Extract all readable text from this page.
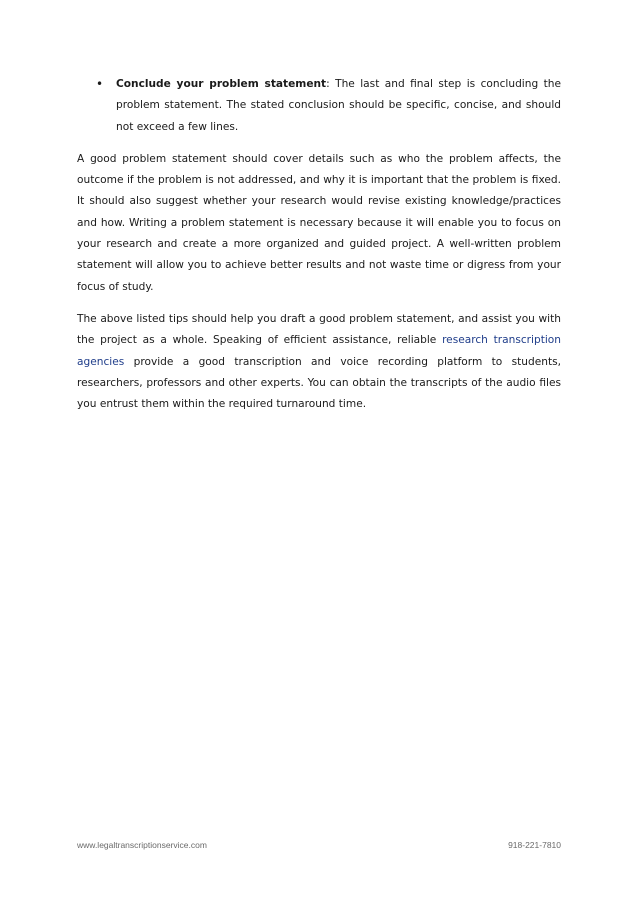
• Conclude your problem statement: The last and final step is concluding the problem statement. The stated conclusion should be specific, concise, and should not exceed a few lines.

A good problem statement should cover details such as who the problem affects, the outcome if the problem is not addressed, and why it is important that the problem is fixed. It should also suggest whether your research would revise existing knowledge/practices and how. Writing a problem statement is necessary because it will enable you to focus on your research and create a more organized and guided project. A well-written problem statement will allow you to achieve better results and not waste time or digress from your focus of study.

The above listed tips should help you draft a good problem statement, and assist you with the project as a whole. Speaking of efficient assistance, reliable research transcription agencies provide a good transcription and voice recording platform to students, researchers, professors and other experts. You can obtain the transcripts of the audio files you entrust them within the required turnaround time.

www.legaltranscriptionservice.com	918-221-7810
